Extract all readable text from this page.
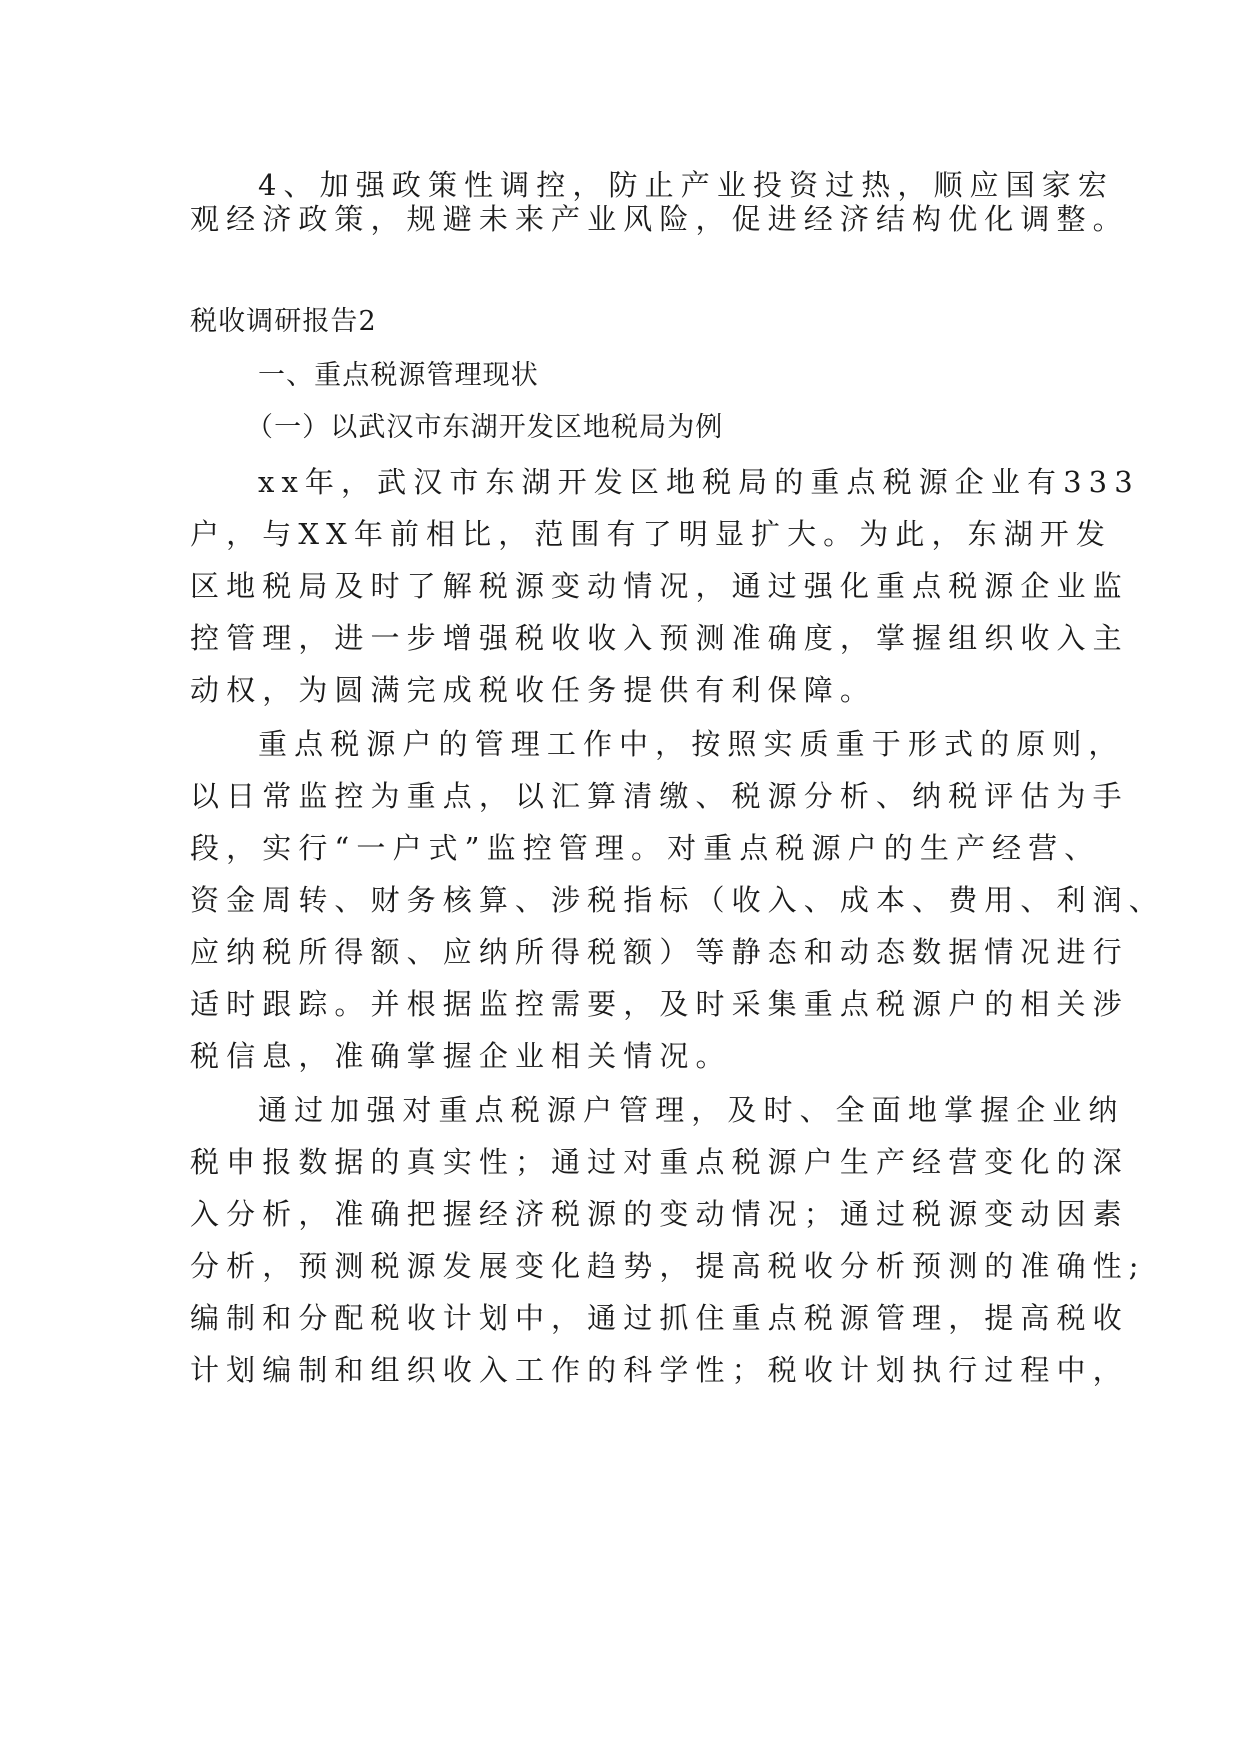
4、加强政策性调控，防止产业投资过热，顺应国家宏

观经济政策，规避未来产业风险，促进经济结构优化调整。

税收调研报告2

一、重点税源管理现状

（一）以武汉市东湖开发区地税局为例

xx年，武汉市东湖开发区地税局的重点税源企业有333

户，与XX年前相比，范围有了明显扩大。为此，东湖开发

区地税局及时了解税源变动情况，通过强化重点税源企业监

控管理，进一步增强税收收入预测准确度，掌握组织收入主

动权，为圆满完成税收任务提供有利保障。

重点税源户的管理工作中，按照实质重于形式的原则，

以日常监控为重点，以汇算清缴、税源分析、纳税评估为手

段，实行“一户式”监控管理。对重点税源户的生产经营、

资金周转、财务核算、涉税指标（收入、成本、费用、利润、

应纳税所得额、应纳所得税额）等静态和动态数据情况进行

适时跟踪。并根据监控需要，及时采集重点税源户的相关涉

税信息，准确掌握企业相关情况。

通过加强对重点税源户管理，及时、全面地掌握企业纳

税申报数据的真实性；通过对重点税源户生产经营变化的深

入分析，准确把握经济税源的变动情况；通过税源变动因素

分析，预测税源发展变化趋势，提高税收分析预测的准确性;

编制和分配税收计划中，通过抓住重点税源管理，提高税收

计划编制和组织收入工作的科学性；税收计划执行过程中，
